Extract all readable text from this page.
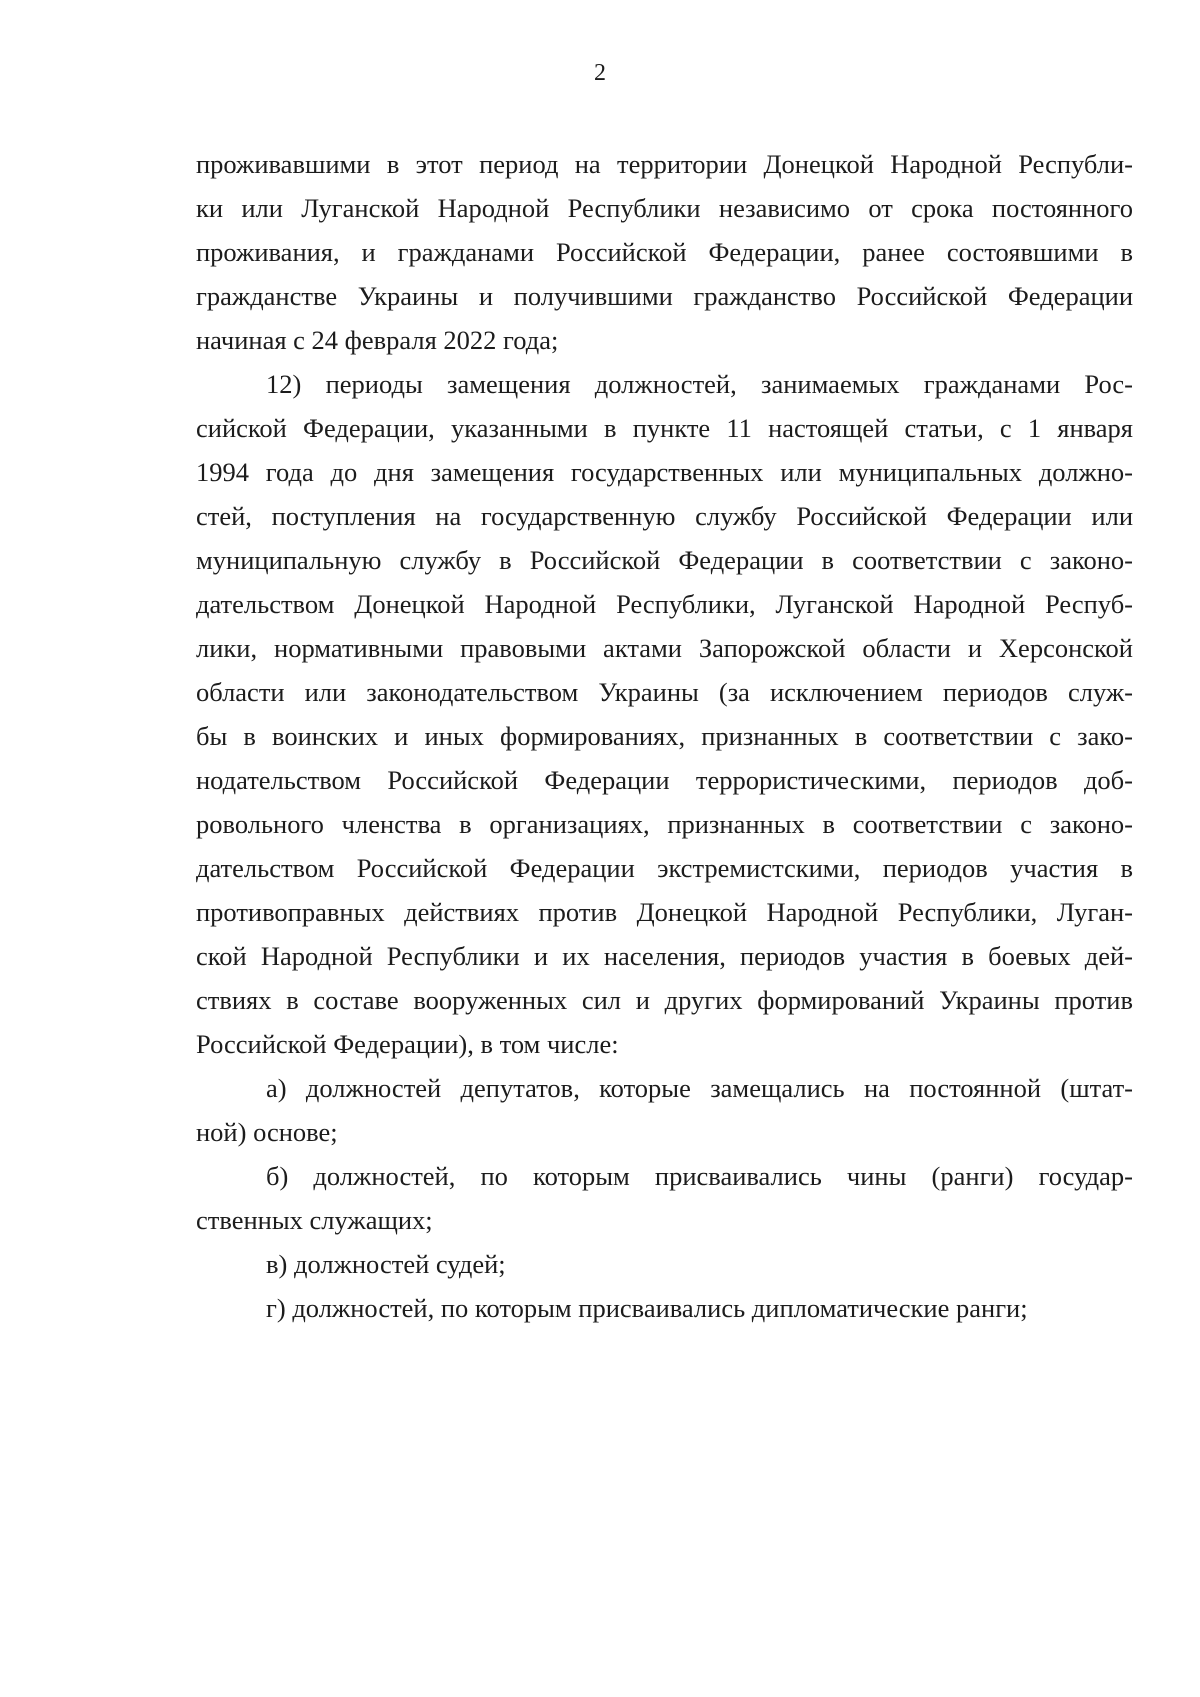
2
проживавшими в этот период на территории Донецкой Народной Республи-
ки или Луганской Народной Республики независимо от срока постоянного
проживания, и гражданами Российской Федерации, ранее состоявшими в
гражданстве Украины и получившими гражданство Российской Федерации
начиная с 24 февраля 2022 года;
12) периоды замещения должностей, занимаемых гражданами Рос-
сийской Федерации, указанными в пункте 11 настоящей статьи, с 1 января
1994 года до дня замещения государственных или муниципальных должно-
стей, поступления на государственную службу Российской Федерации или
муниципальную службу в Российской Федерации в соответствии с законо-
дательством Донецкой Народной Республики, Луганской Народной Респуб-
лики, нормативными правовыми актами Запорожской области и Херсонской
области или законодательством Украины (за исключением периодов служ-
бы в воинских и иных формированиях, признанных в соответствии с зако-
нодательством Российской Федерации террористическими, периодов доб-
ровольного членства в организациях, признанных в соответствии с законо-
дательством Российской Федерации экстремистскими, периодов участия в
противоправных действиях против Донецкой Народной Республики, Луган-
ской Народной Республики и их населения, периодов участия в боевых дей-
ствиях в составе вооруженных сил и других формирований Украины против
Российской Федерации), в том числе:
а) должностей депутатов, которые замещались на постоянной (штат-
ной) основе;
б) должностей, по которым присваивались чины (ранги) государ-
ственных служащих;
в) должностей судей;
г) должностей, по которым присваивались дипломатические ранги;
